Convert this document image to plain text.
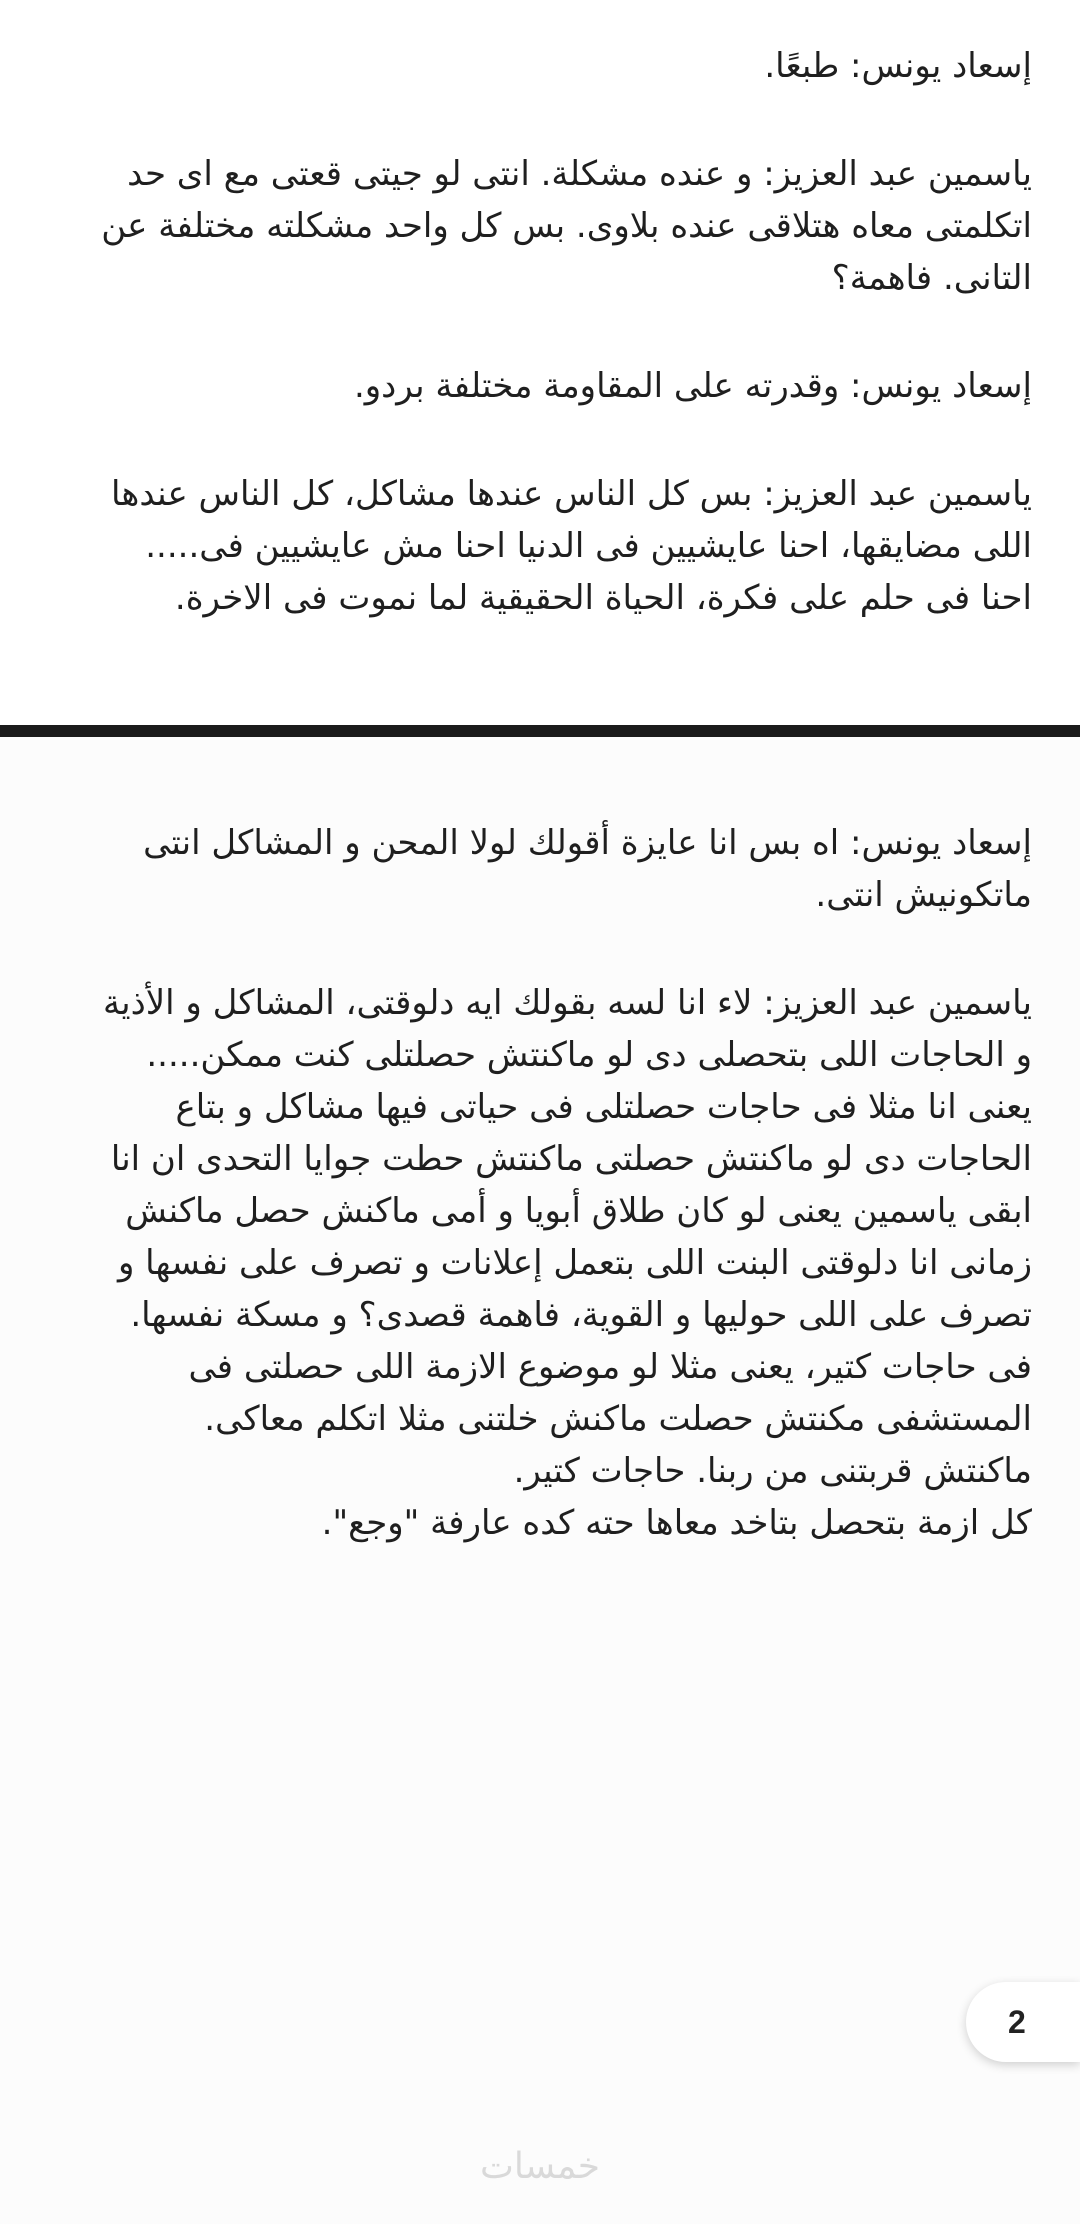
إسعاد يونس: طبعًا.

ياسمين عبد العزيز: و عنده مشكلة. انتى لو جيتى قعتى مع اى حد اتكلمتى معاه هتلاقى عنده بلاوى. بس كل واحد مشكلته مختلفة عن التانى. فاهمة؟

إسعاد يونس: وقدرته على المقاومة مختلفة بردو.

ياسمين عبد العزيز: بس كل الناس عندها مشاكل، كل الناس عندها اللى مضايقها، احنا عايشيين فى الدنيا احنا مش عايشيين فى.....
احنا فى حلم على فكرة، الحياة الحقيقية لما نموت فى الاخرة.

إسعاد يونس: اه بس انا عايزة أقولك لولا المحن و المشاكل انتى ماتكونيش انتى.

ياسمين عبد العزيز: لاء انا لسه بقولك ايه دلوقتى، المشاكل و الأذية و الحاجات اللى بتحصلى دى لو ماكنتش حصلتلى كنت ممكن.....
يعنى انا مثلا فى حاجات حصلتلى فى حياتى فيها مشاكل و بتاع الحاجات دى لو ماكنتش حصلتى ماكنتش حطت جوايا التحدى ان انا ابقى ياسمين يعنى لو كان طلاق أبويا و أمى ماكنش حصل ماكنش زمانى انا دلوقتى البنت اللى بتعمل إعلانات و تصرف على نفسها و تصرف على اللى حوليها و القوية، فاهمة قصدى؟ و مسكة نفسها.
فى حاجات كتير، يعنى مثلا لو موضوع الازمة اللى حصلتى فى المستشفى مكنتش حصلت ماكنش خلتنى مثلا اتكلم معاكى. ماكنتش قربتنى من ربنا. حاجات كتير.
كل ازمة بتحصل بتاخد معاها حته كده عارفة "وجع".

2
خمسات
